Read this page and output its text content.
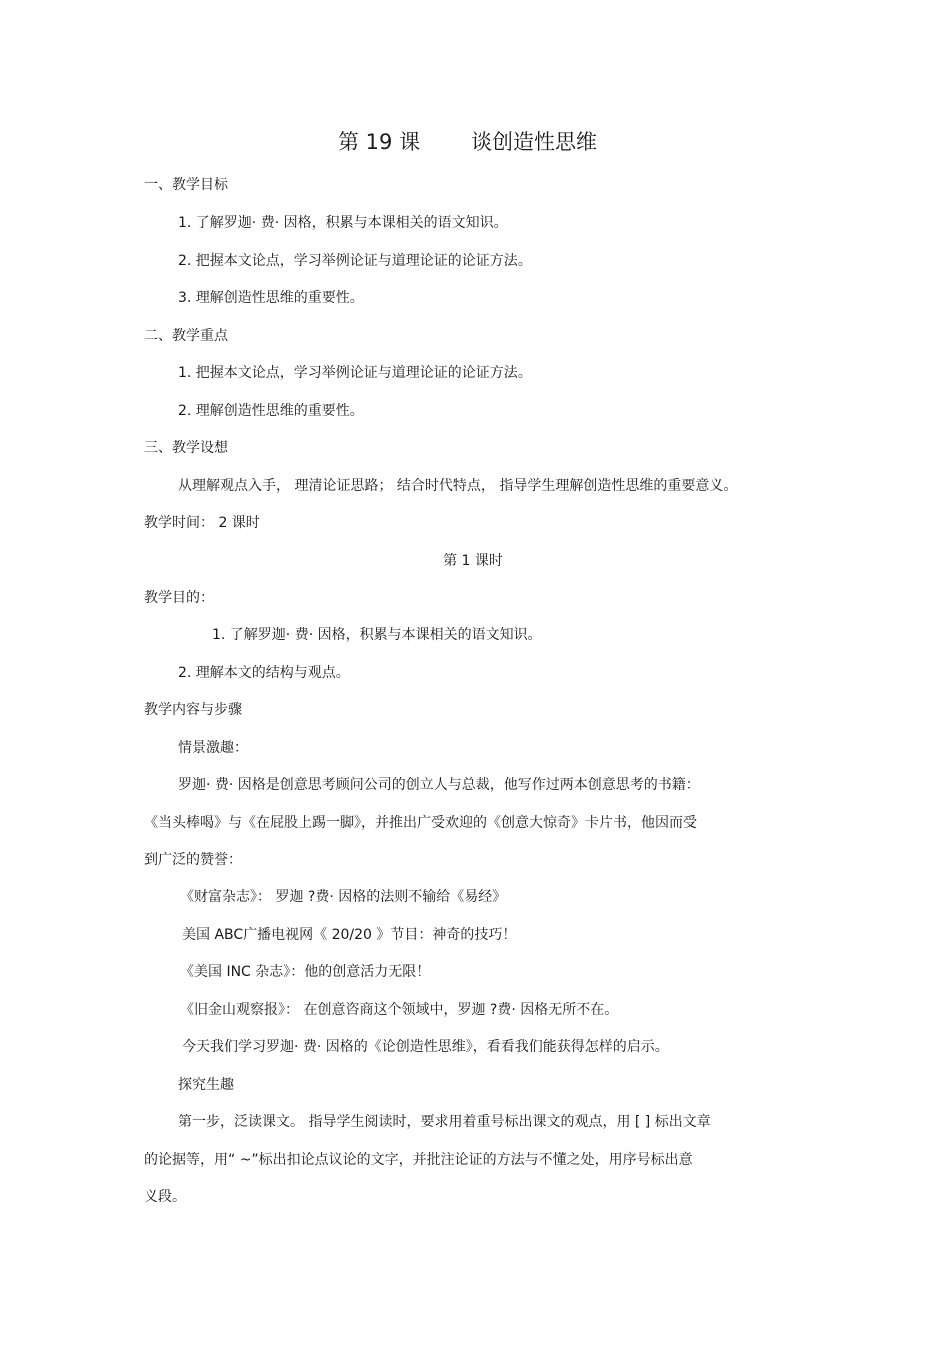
第 19 课 谈创造性思维
一、教学目标
1. 了解罗迦· 费· 因格，积累与本课相关的语文知识。
2. 把握本文论点，学习举例论证与道理论证的论证方法。
3. 理解创造性思维的重要性。
二、教学重点
1. 把握本文论点，学习举例论证与道理论证的论证方法。
2. 理解创造性思维的重要性。
三、教学设想
从理解观点入手， 理清论证思路； 结合时代特点， 指导学生理解创造性思维的重要意义。
教学时间： 2 课时
第 1 课时
教学目的：
1. 了解罗迦· 费· 因格，积累与本课相关的语文知识。
2. 理解本文的结构与观点。
教学内容与步骤
情景激趣：
罗迦· 费· 因格是创意思考顾问公司的创立人与总裁，他写作过两本创意思考的书籍：
《当头棒喝》与《在屁股上踢一脚》，并推出广受欢迎的《创意大惊奇》卡片书，他因而受
到广泛的赞誉：
《财富杂志》： 罗迦 ?费· 因格的法则不输给《易经》
美国 ABC广播电视网《 20/20 》节目：神奇的技巧！
《美国 INC 杂志》：他的创意活力无限！
《旧金山观察报》： 在创意咨商这个领域中，罗迦 ?费· 因格无所不在。
今天我们学习罗迦· 费· 因格的《论创造性思维》，看看我们能获得怎样的启示。
探究生趣
第一步，泛读课文。 指导学生阅读时，要求用着重号标出课文的观点，用 [ ] 标出文章
的论据等，用“ ~”标出扣论点议论的文字，并批注论证的方法与不懂之处，用序号标出意
义段。
